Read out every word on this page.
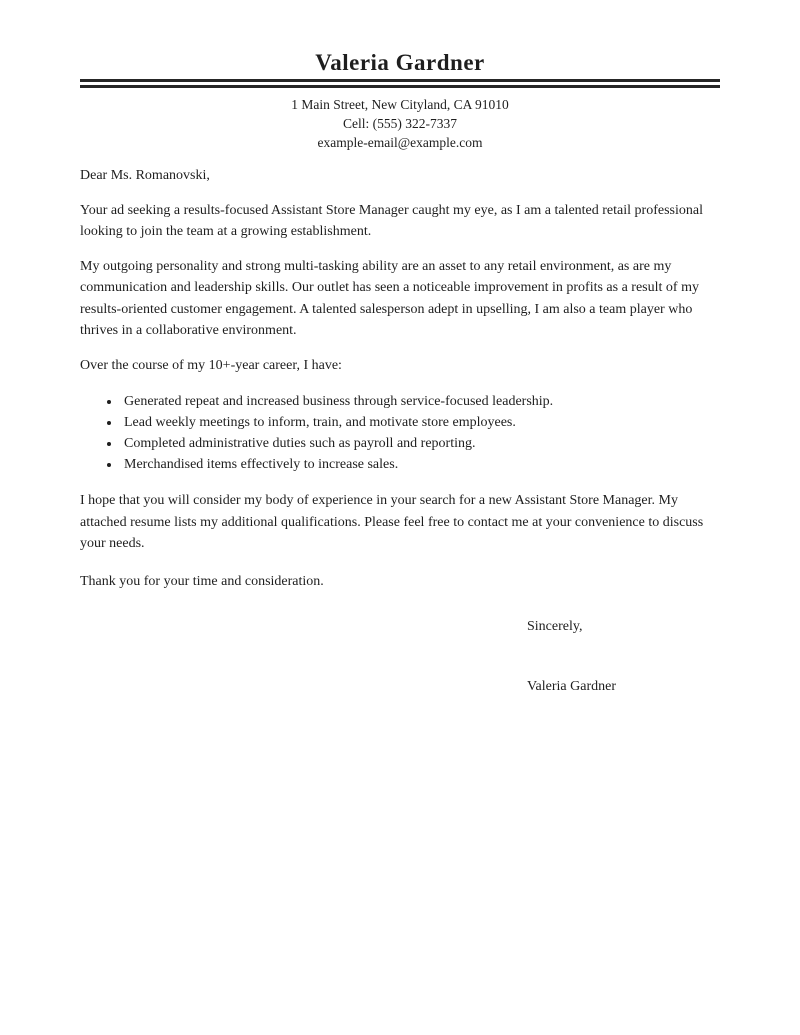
Valeria Gardner
1 Main Street, New Cityland, CA 91010
Cell: (555) 322-7337
example-email@example.com

Dear Ms. Romanovski,

Your ad seeking a results-focused Assistant Store Manager caught my eye, as I am a talented retail professional looking to join the team at a growing establishment.

My outgoing personality and strong multi-tasking ability are an asset to any retail environment, as are my communication and leadership skills. Our outlet has seen a noticeable improvement in profits as a result of my results-oriented customer engagement. A talented salesperson adept in upselling, I am also a team player who thrives in a collaborative environment.

Over the course of my 10+-year career, I have:

• Generated repeat and increased business through service-focused leadership.
• Lead weekly meetings to inform, train, and motivate store employees.
• Completed administrative duties such as payroll and reporting.
• Merchandised items effectively to increase sales.

I hope that you will consider my body of experience in your search for a new Assistant Store Manager. My attached resume lists my additional qualifications. Please feel free to contact me at your convenience to discuss your needs.

Thank you for your time and consideration.

Sincerely,
Valeria Gardner
